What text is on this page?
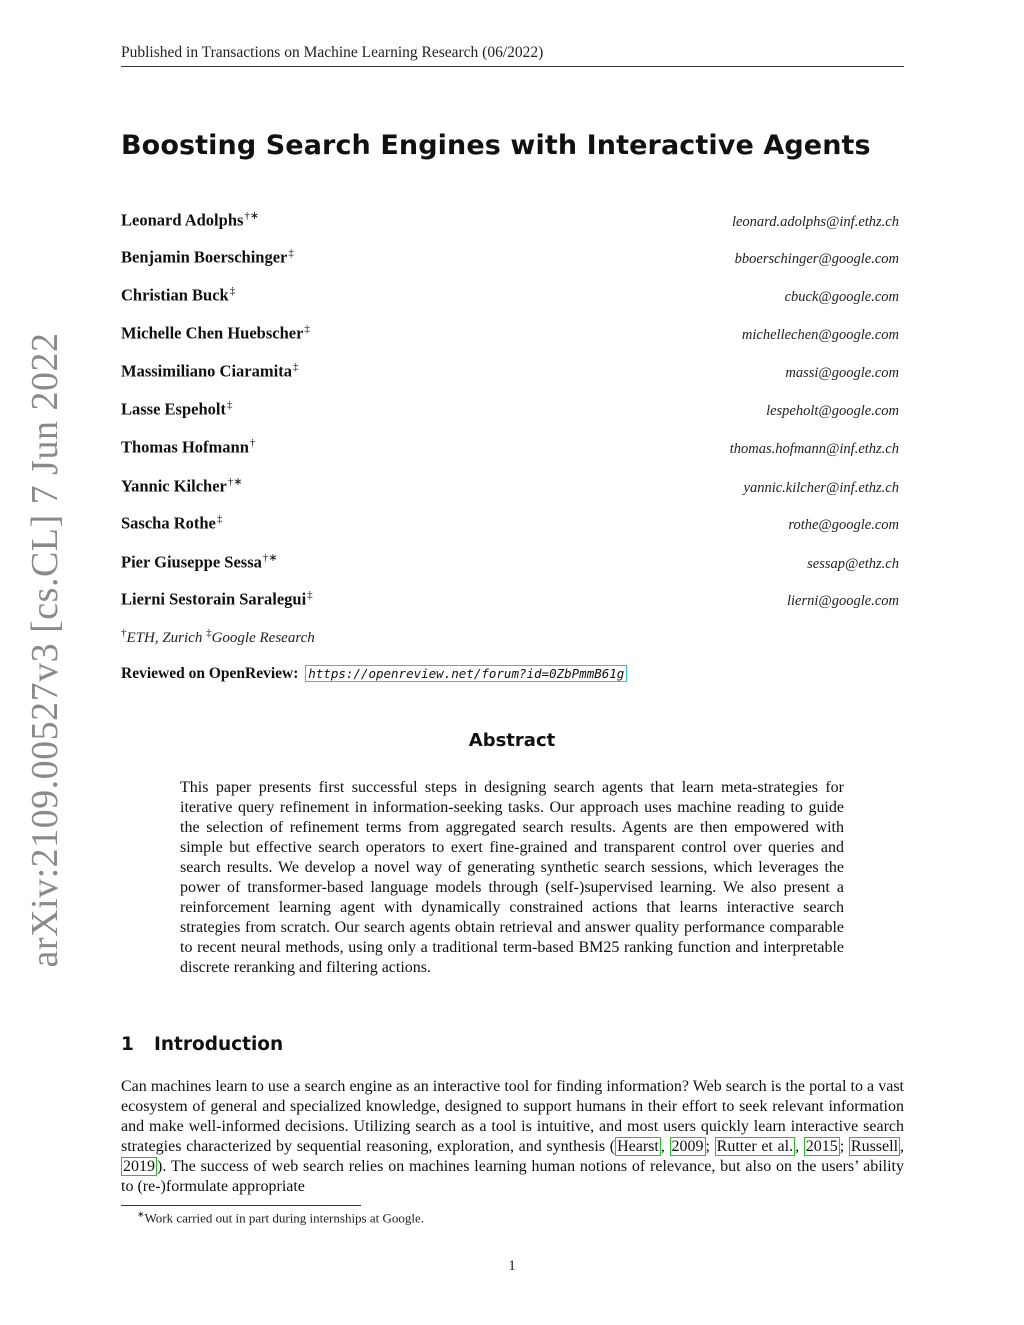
Published in Transactions on Machine Learning Research (06/2022)
Boosting Search Engines with Interactive Agents
Leonard Adolphs†∗	leonard.adolphs@inf.ethz.ch
Benjamin Boerschinger‡	bboerschinger@google.com
Christian Buck‡	cbuck@google.com
Michelle Chen Huebscher‡	michellechen@google.com
Massimiliano Ciaramita‡	massi@google.com
Lasse Espeholt‡	lespeholt@google.com
Thomas Hofmann†	thomas.hofmann@inf.ethz.ch
Yannic Kilcher†∗	yannic.kilcher@inf.ethz.ch
Sascha Rothe‡	rothe@google.com
Pier Giuseppe Sessa†∗	sessap@ethz.ch
Lierni Sestorain Saralegui‡	lierni@google.com
†ETH, Zurich ‡Google Research
Reviewed on OpenReview: https://openreview.net/forum?id=0ZbPmmB61g
Abstract

This paper presents first successful steps in designing search agents that learn meta-strategies for iterative query refinement in information-seeking tasks. Our approach uses machine reading to guide the selection of refinement terms from aggregated search results. Agents are then empowered with simple but effective search operators to exert fine-grained and transparent control over queries and search results. We develop a novel way of generating synthetic search sessions, which leverages the power of transformer-based language models through (self-)supervised learning. We also present a reinforcement learning agent with dynamically constrained actions that learns interactive search strategies from scratch. Our search agents obtain retrieval and answer quality performance comparable to recent neural methods, using only a traditional term-based BM25 ranking function and interpretable discrete reranking and filtering actions.

1 Introduction

Can machines learn to use a search engine as an interactive tool for finding information? Web search is the portal to a vast ecosystem of general and specialized knowledge, designed to support humans in their effort to seek relevant information and make well-informed decisions. Utilizing search as a tool is intuitive, and most users quickly learn interactive search strategies characterized by sequential reasoning, exploration, and synthesis ( Hearst , 2009 ; Rutter et al. , 2015 ; Russell , 2019 ). The success of web search relies on machines learning human notions of relevance, but also on the users’ ability to (re-)formulate appropriate

∗Work carried out in part during internships at Google.
1
arXiv:2109.00527v3 [cs.CL] 7 Jun 2022
